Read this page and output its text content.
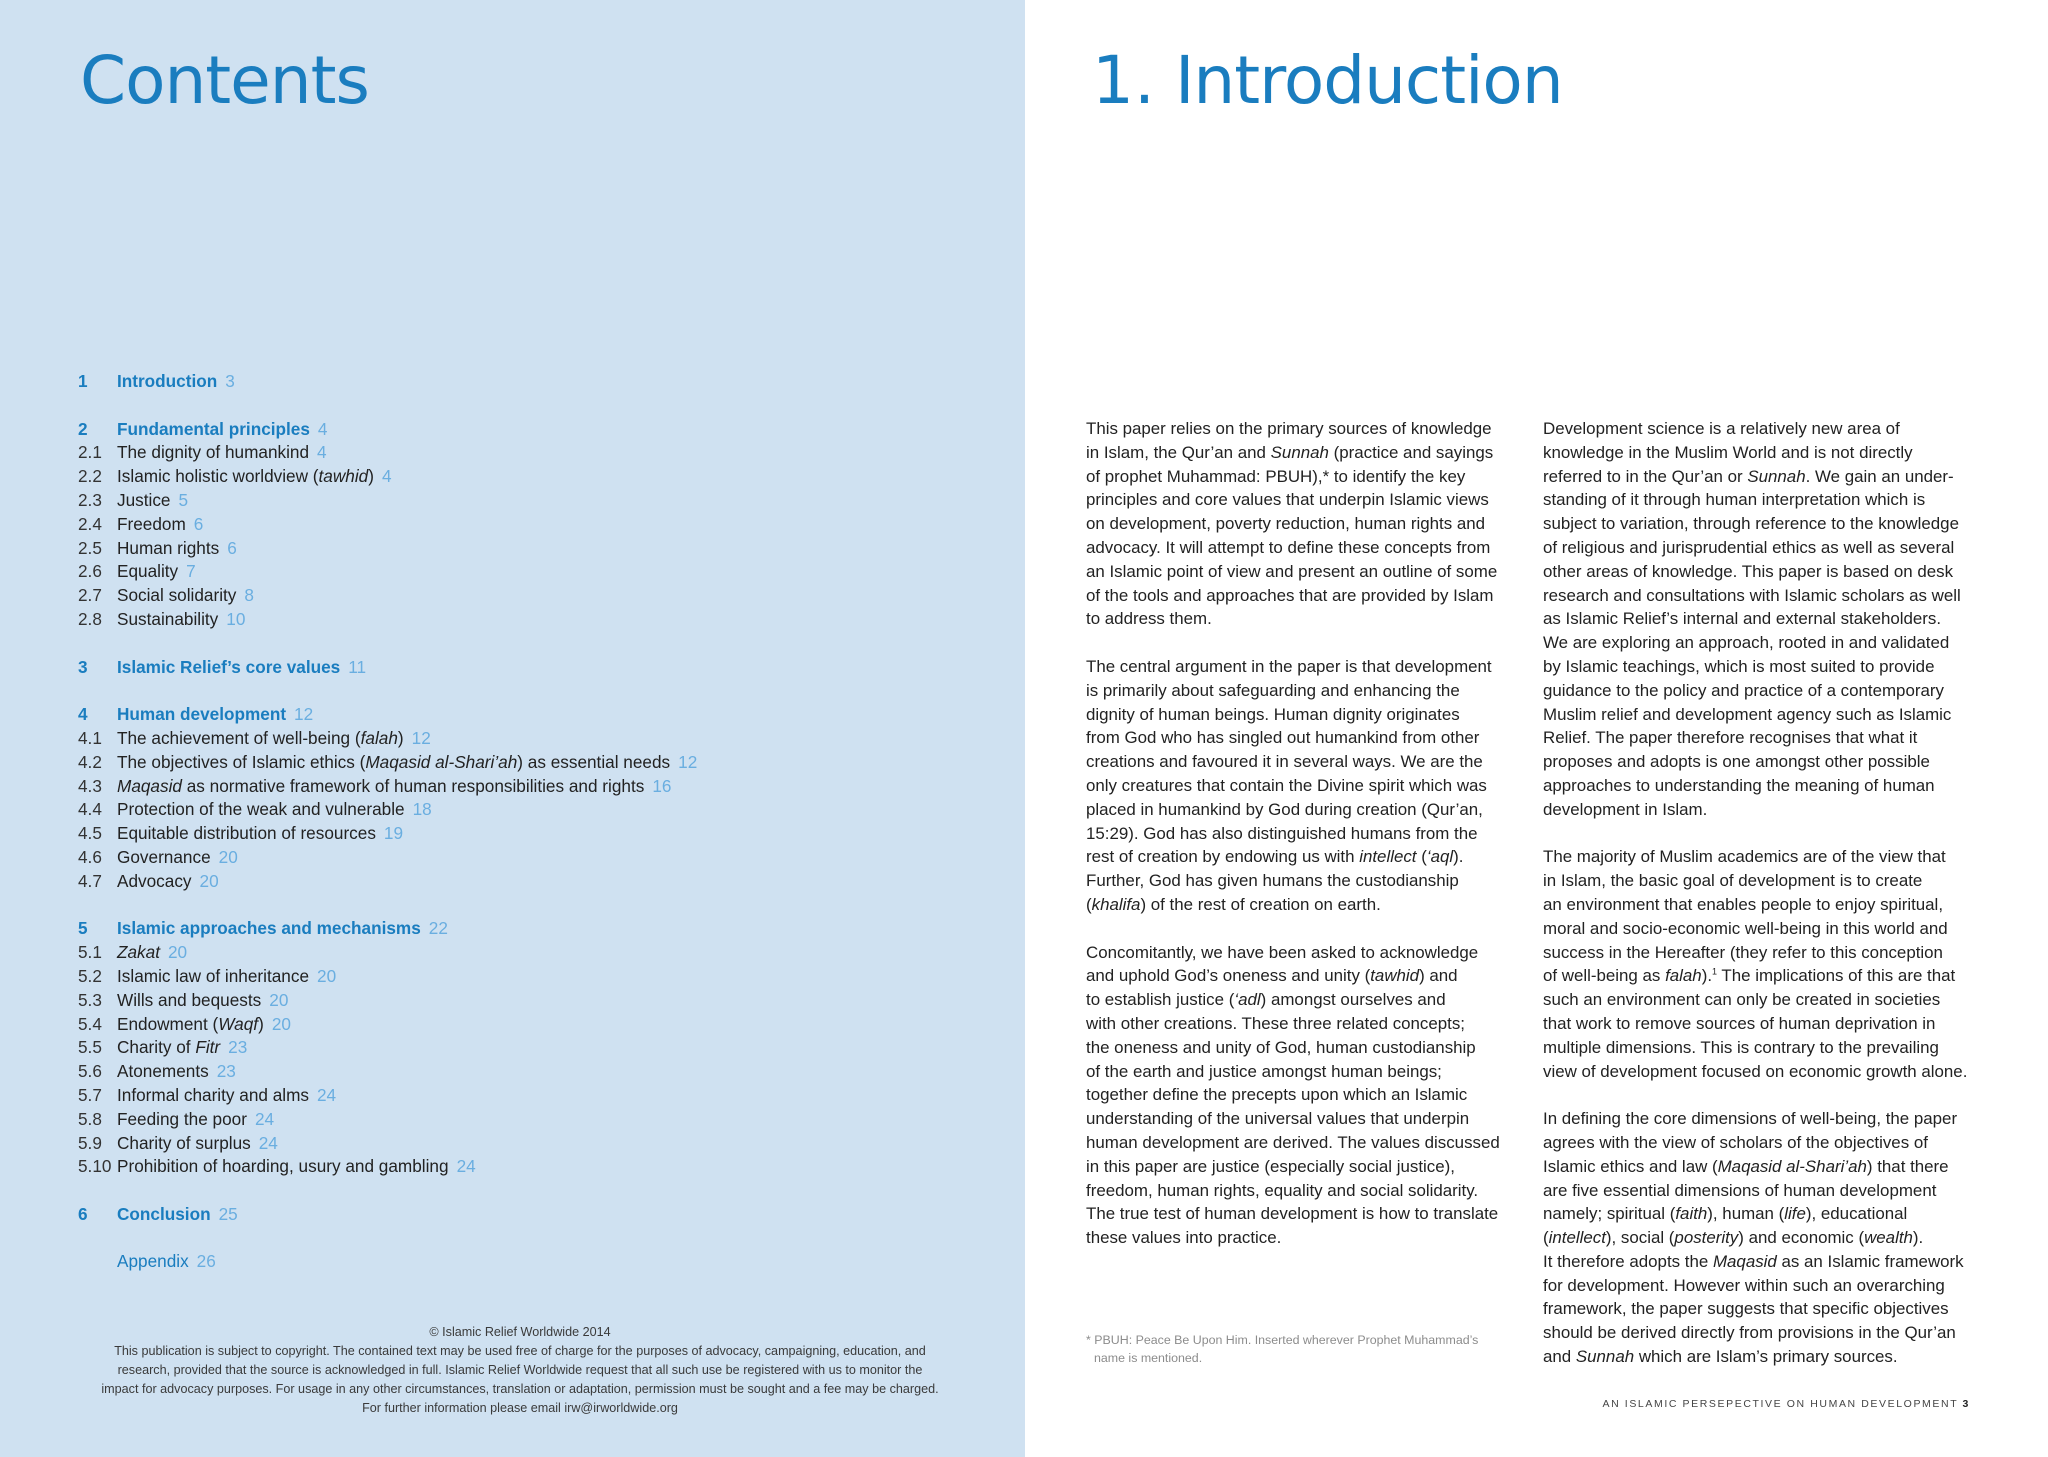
Contents
1 Introduction 3
2 Fundamental principles 4
2.1 The dignity of humankind 4
2.2 Islamic holistic worldview (tawhid) 4
2.3 Justice 5
2.4 Freedom 6
2.5 Human rights 6
2.6 Equality 7
2.7 Social solidarity 8
2.8 Sustainability 10
3 Islamic Relief’s core values 11
4 Human development 12
4.1 The achievement of well-being (falah) 12
4.2 The objectives of Islamic ethics (Maqasid al-Shari’ah) as essential needs 12
4.3 Maqasid as normative framework of human responsibilities and rights 16
4.4 Protection of the weak and vulnerable 18
4.5 Equitable distribution of resources 19
4.6 Governance 20
4.7 Advocacy 20
5 Islamic approaches and mechanisms 22
5.1 Zakat 20
5.2 Islamic law of inheritance 20
5.3 Wills and bequests 20
5.4 Endowment (Waqf) 20
5.5 Charity of Fitr 23
5.6 Atonements 23
5.7 Informal charity and alms 24
5.8 Feeding the poor 24
5.9 Charity of surplus 24
5.10 Prohibition of hoarding, usury and gambling 24
6 Conclusion 25
Appendix 26
© Islamic Relief Worldwide 2014
This publication is subject to copyright. The contained text may be used free of charge for the purposes of advocacy, campaigning, education, and
research, provided that the source is acknowledged in full. Islamic Relief Worldwide request that all such use be registered with us to monitor the
impact for advocacy purposes. For usage in any other circumstances, translation or adaptation, permission must be sought and a fee may be charged.
For further information please email irw@irworldwide.org
1. Introduction

This paper relies on the primary sources of knowledge
in Islam, the Qur’an and Sunnah (practice and sayings
of prophet Muhammad: PBUH),* to identify the key
principles and core values that underpin Islamic views
on development, poverty reduction, human rights and
advocacy. It will attempt to define these concepts from
an Islamic point of view and present an outline of some
of the tools and approaches that are provided by Islam
to address them.

The central argument in the paper is that development
is primarily about safeguarding and enhancing the
dignity of human beings. Human dignity originates
from God who has singled out humankind from other
creations and favoured it in several ways. We are the
only creatures that contain the Divine spirit which was
placed in humankind by God during creation (Qur’an,
15:29). God has also distinguished humans from the
rest of creation by endowing us with intellect (‘aql).
Further, God has given humans the custodianship
(khalifa) of the rest of creation on earth.

Concomitantly, we have been asked to acknowledge
and uphold God’s oneness and unity (tawhid) and
to establish justice (‘adl) amongst ourselves and
with other creations. These three related concepts;
the oneness and unity of God, human custodianship
of the earth and justice amongst human beings;
together define the precepts upon which an Islamic
understanding of the universal values that underpin
human development are derived. The values discussed
in this paper are justice (especially social justice),
freedom, human rights, equality and social solidarity.
The true test of human development is how to translate
these values into practice.

Development science is a relatively new area of
knowledge in the Muslim World and is not directly
referred to in the Qur’an or Sunnah. We gain an under-
standing of it through human interpretation which is
subject to variation, through reference to the knowledge
of religious and jurisprudential ethics as well as several
other areas of knowledge. This paper is based on desk
research and consultations with Islamic scholars as well
as Islamic Relief’s internal and external stakeholders.
We are exploring an approach, rooted in and validated
by Islamic teachings, which is most suited to provide
guidance to the policy and practice of a contemporary
Muslim relief and development agency such as Islamic
Relief. The paper therefore recognises that what it
proposes and adopts is one amongst other possible
approaches to understanding the meaning of human
development in Islam.

The majority of Muslim academics are of the view that
in Islam, the basic goal of development is to create
an environment that enables people to enjoy spiritual,
moral and socio-economic well-being in this world and
success in the Hereafter (they refer to this conception
of well-being as falah).$^1$ The implications of this are that
such an environment can only be created in societies
that work to remove sources of human deprivation in
multiple dimensions. This is contrary to the prevailing
view of development focused on economic growth alone.

In defining the core dimensions of well-being, the paper
agrees with the view of scholars of the objectives of
Islamic ethics and law (Maqasid al-Shari’ah) that there
are five essential dimensions of human development
namely; spiritual (faith), human (life), educational
(intellect), social (posterity) and economic (wealth).
It therefore adopts the Maqasid as an Islamic framework
for development. However within such an overarching
framework, the paper suggests that specific objectives
should be derived directly from provisions in the Qur’an
and Sunnah which are Islam’s primary sources.

* PBUH: Peace Be Upon Him. Inserted wherever Prophet Muhammad’s
name is mentioned.
AN ISLAMIC PERSEPECTIVE ON HUMAN DEVELOPMENT 3
